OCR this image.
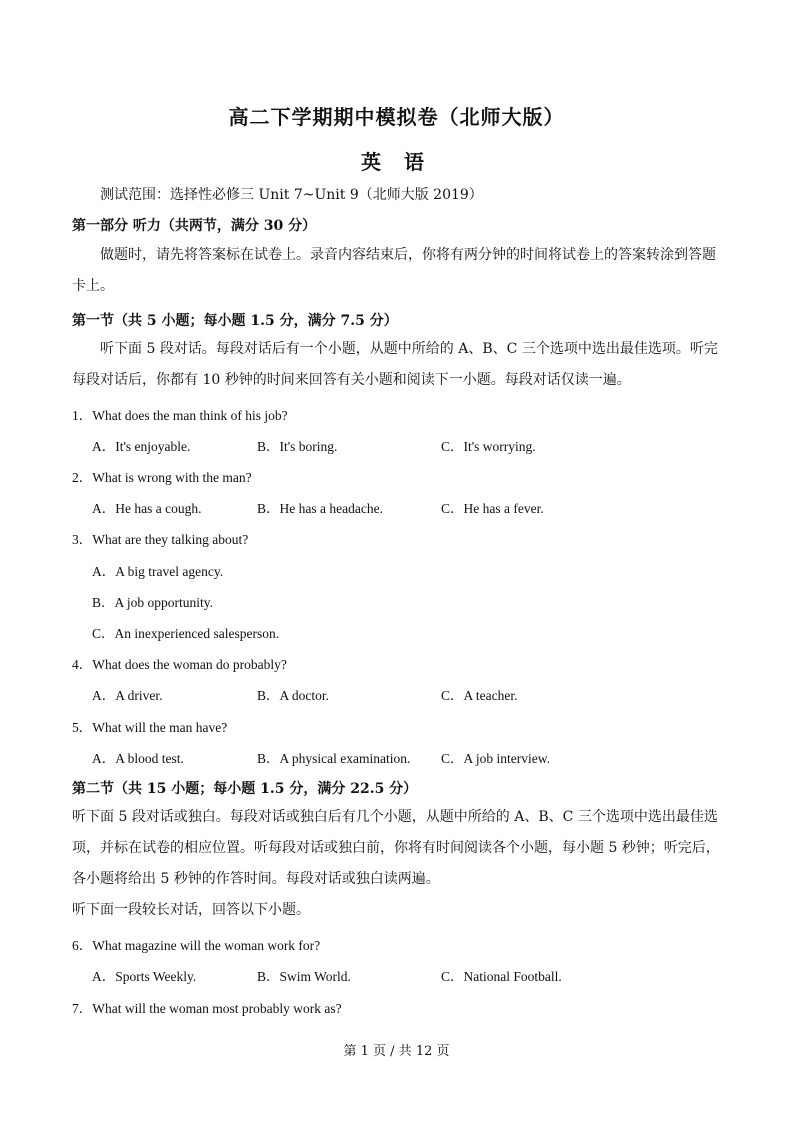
高二下学期期中模拟卷（北师大版）
英 语
测试范围：选择性必修三 Unit 7~Unit 9（北师大版 2019）
第一部分 听力（共两节，满分 30 分）
做题时，请先将答案标在试卷上。录音内容结束后，你将有两分钟的时间将试卷上的答案转涂到答题卡上。
第一节（共 5 小题；每小题 1.5 分，满分 7.5 分）
听下面 5 段对话。每段对话后有一个小题，从题中所给的 A、B、C 三个选项中选出最佳选项。听完每段对话后，你都有 10 秒钟的时间来回答有关小题和阅读下一小题。每段对话仅读一遍。
1．What does the man think of his job?
A．It's enjoyable.	B．It's boring.	C．It's worrying.
2．What is wrong with the man?
A．He has a cough.	B．He has a headache.	C．He has a fever.
3．What are they talking about?
A．A big travel agency.
B．A job opportunity.
C．An inexperienced salesperson.
4．What does the woman do probably?
A．A driver.	B．A doctor.	C．A teacher.
5．What will the man have?
A．A blood test.	B．A physical examination. C．A job interview.
第二节（共 15 小题；每小题 1.5 分，满分 22.5 分）
听下面 5 段对话或独白。每段对话或独白后有几个小题，从题中所给的 A、B、C 三个选项中选出最佳选项，并标在试卷的相应位置。听每段对话或独白前，你将有时间阅读各个小题，每小题 5 秒钟；听完后，各小题将给出 5 秒钟的作答时间。每段对话或独白读两遍。
听下面一段较长对话，回答以下小题。
6．What magazine will the woman work for?
A．Sports Weekly.	B．Swim World.	C．National Football.
7．What will the woman most probably work as?
第 1 页 / 共 12 页
